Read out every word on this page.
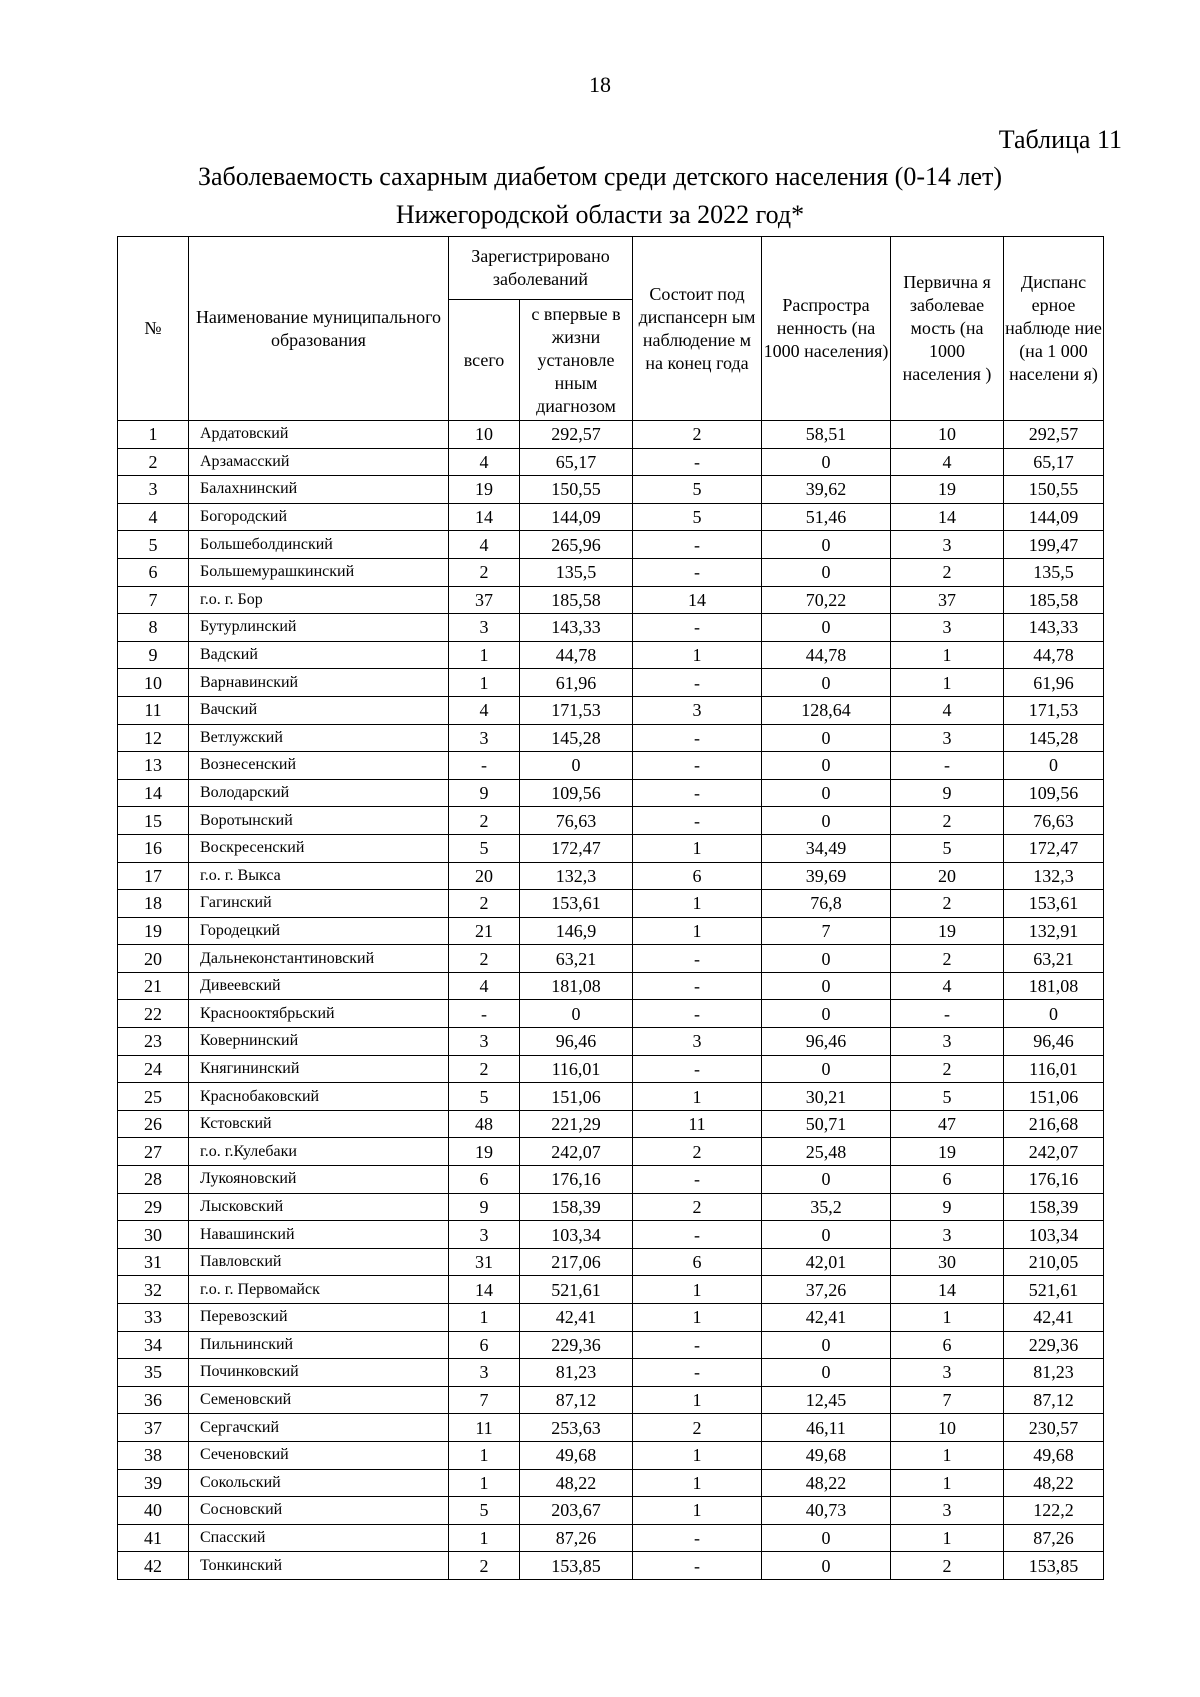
18
Таблица 11
Заболеваемость сахарным диабетом среди детского населения (0-14 лет)
Нижегородской области за 2022 год*
№	Наименование муниципального образования	Зарегистрировано заболеваний		Состоит под диспансерн ым наблюдение м на конец года	Распростра ненность (на 1000 населения)	Первична я заболевае мость (на 1000 населения )	Диспанс ерное наблюде ние (на 1 000 населени я)
		всего	с впервые в жизни установле нным диагнозом				
1	Ардатовский	10	292,57	2	58,51	10	292,57
2	Арзамасский	4	65,17	-	0	4	65,17
3	Балахнинский	19	150,55	5	39,62	19	150,55
4	Богородский	14	144,09	5	51,46	14	144,09
5	Большеболдинский	4	265,96	-	0	3	199,47
6	Большемурашкинский	2	135,5	-	0	2	135,5
7	г.о. г. Бор	37	185,58	14	70,22	37	185,58
8	Бутурлинский	3	143,33	-	0	3	143,33
9	Вадский	1	44,78	1	44,78	1	44,78
10	Варнавинский	1	61,96	-	0	1	61,96
11	Вачский	4	171,53	3	128,64	4	171,53
12	Ветлужский	3	145,28	-	0	3	145,28
13	Вознесенский	-	0	-	0	-	0
14	Володарский	9	109,56	-	0	9	109,56
15	Воротынский	2	76,63	-	0	2	76,63
16	Воскресенский	5	172,47	1	34,49	5	172,47
17	г.о. г. Выкса	20	132,3	6	39,69	20	132,3
18	Гагинский	2	153,61	1	76,8	2	153,61
19	Городецкий	21	146,9	1	7	19	132,91
20	Дальнеконстантиновский	2	63,21	-	0	2	63,21
21	Дивеевский	4	181,08	-	0	4	181,08
22	Краснооктябрьский	-	0	-	0	-	0
23	Ковернинский	3	96,46	3	96,46	3	96,46
24	Княгининский	2	116,01	-	0	2	116,01
25	Краснобаковский	5	151,06	1	30,21	5	151,06
26	Кстовский	48	221,29	11	50,71	47	216,68
27	г.о. г.Кулебаки	19	242,07	2	25,48	19	242,07
28	Лукояновский	6	176,16	-	0	6	176,16
29	Лысковский	9	158,39	2	35,2	9	158,39
30	Навашинский	3	103,34	-	0	3	103,34
31	Павловский	31	217,06	6	42,01	30	210,05
32	г.о. г. Первомайск	14	521,61	1	37,26	14	521,61
33	Перевозский	1	42,41	1	42,41	1	42,41
34	Пильнинский	6	229,36	-	0	6	229,36
35	Починковский	3	81,23	-	0	3	81,23
36	Семеновский	7	87,12	1	12,45	7	87,12
37	Сергачский	11	253,63	2	46,11	10	230,57
38	Сеченовский	1	49,68	1	49,68	1	49,68
39	Сокольский	1	48,22	1	48,22	1	48,22
40	Сосновский	5	203,67	1	40,73	3	122,2
41	Спасский	1	87,26	-	0	1	87,26
42	Тонкинский	2	153,85	-	0	2	153,85
